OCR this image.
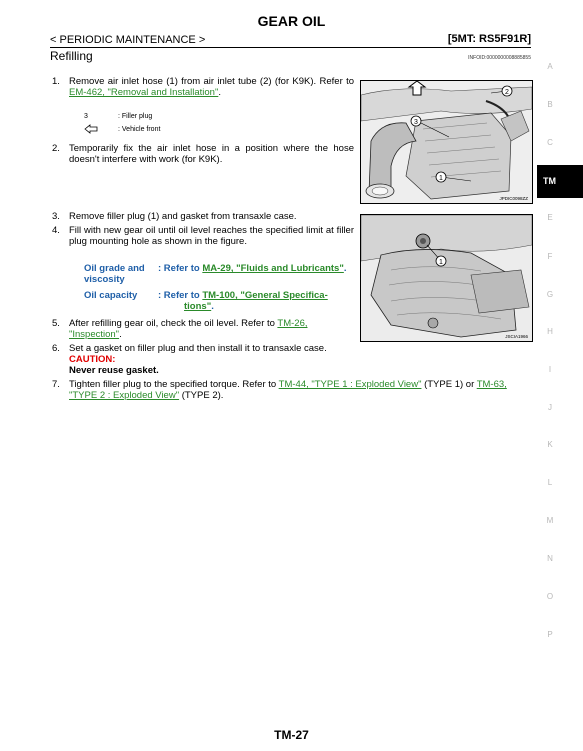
GEAR OIL
< PERIODIC MAINTENANCE >	[5MT: RS5F91R]
Refilling	INFOID:0000000008885855
1. Remove air inlet hose (1) from air inlet tube (2) (for K9K). Refer to EM-462, "Removal and Installation".
3	: Filler plug
: Vehicle front
2. Temporarily fix the air inlet hose in a position where the hose doesn't interfere with work (for K9K).
2
1
3
JPDIC0098ZZ
3. Remove filler plug (1) and gasket from transaxle case.
4. Fill with new gear oil until oil level reaches the specified limit at filler plug mounting hole as shown in the figure.
Oil grade and
viscosity
: Refer to MA-29, "Fluids and Lubricants".
Oil capacity	: Refer to TM-100, "General Specifica-
tions".
1
JSCIA1966
5. After refilling gear oil, check the oil level. Refer to TM-26,
"Inspection".
6. Set a gasket on filler plug and then install it to transaxle case.
CAUTION:
Never reuse gasket.
7. Tighten filler plug to the specified torque. Refer to TM-44, "TYPE 1 : Exploded View" (TYPE 1) or TM-63,
"TYPE 2 : Exploded View" (TYPE 2).
A
B
C
TM
E
F
G
H
I
J
K
L
M
N
O
P
TM-27
